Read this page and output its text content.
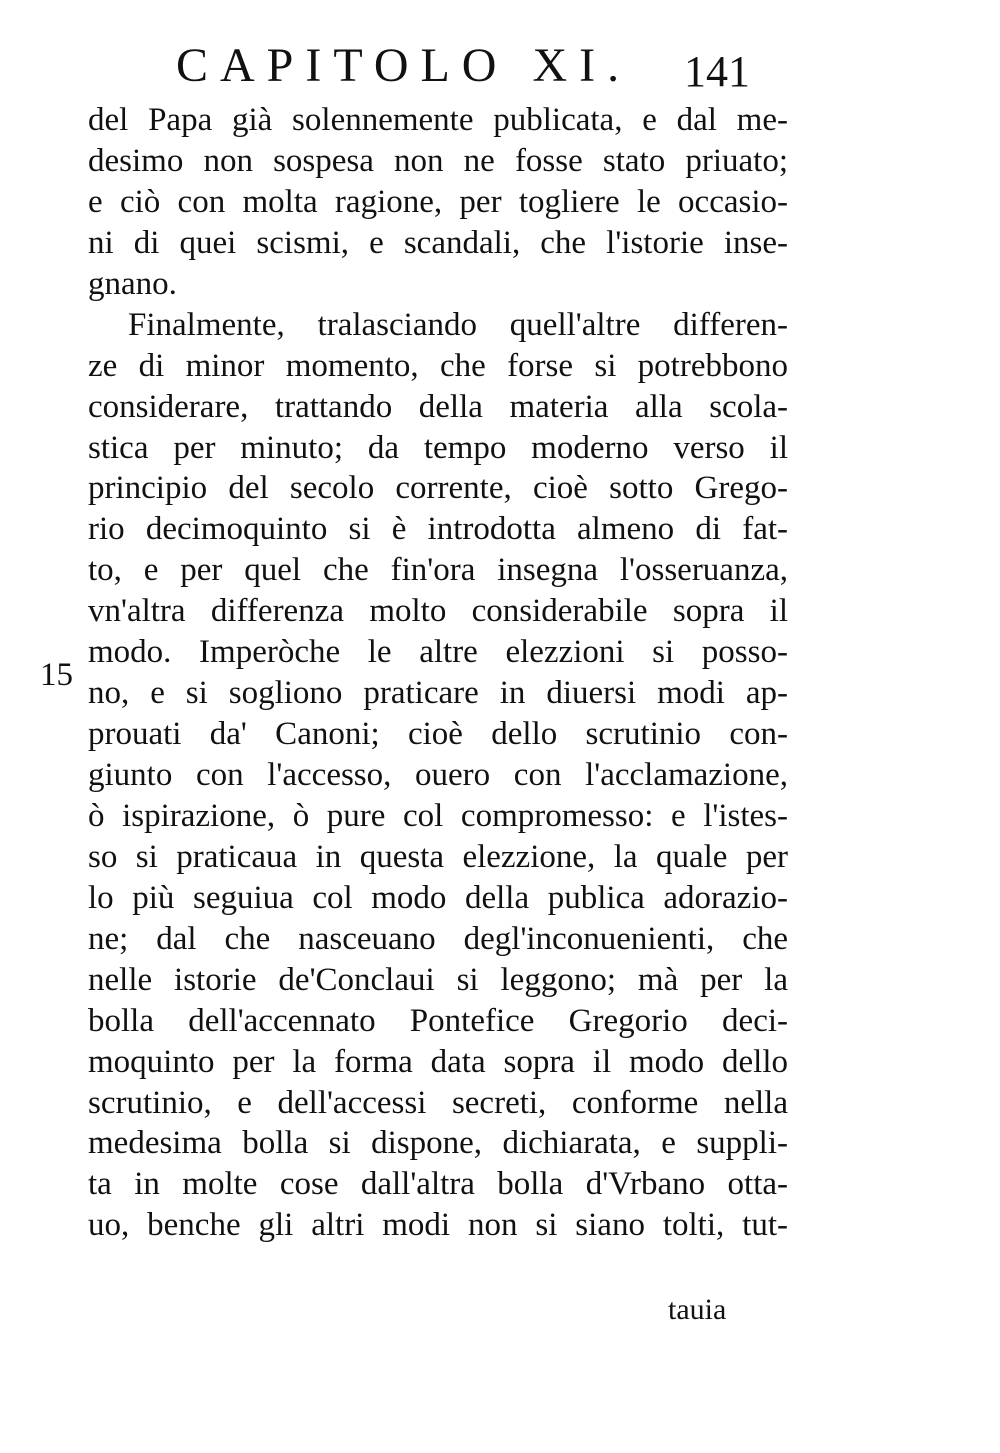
CAPITOLO XI. 141
15
del Papa già solennemente publicata, e dal me-
desimo non sospesa non ne fosse stato priuato;
e ciò con molta ragione, per togliere le occasio-
ni di quei scismi, e scandali, che l'istorie inse-
gnano.
Finalmente, tralasciando quell'altre differen-
ze di minor momento, che forse si potrebbono
considerare, trattando della materia alla scola-
stica per minuto; da tempo moderno verso il
principio del secolo corrente, cioè sotto Grego-
rio decimoquinto si è introdotta almeno di fat-
to, e per quel che fin'ora insegna l'osseruanza,
vn'altra differenza molto considerabile sopra il
modo. Imperòche le altre elezzioni si posso-
no, e si sogliono praticare in diuersi modi ap-
prouati da' Canoni; cioè dello scrutinio con-
giunto con l'accesso, ouero con l'acclamazione,
ò ispirazione, ò pure col compromesso: e l'istes-
so si praticaua in questa elezzione, la quale per
lo più seguiua col modo della publica adorazio-
ne; dal che nasceuano degl'inconuenienti, che
nelle istorie de'Conclaui si leggono; mà per la
bolla dell'accennato Pontefice Gregorio deci-
moquinto per la forma data sopra il modo dello
scrutinio, e dell'accessi secreti, conforme nella
medesima bolla si dispone, dichiarata, e suppli-
ta in molte cose dall'altra bolla d'Vrbano otta-
uo, benche gli altri modi non si siano tolti, tut-
tauia
